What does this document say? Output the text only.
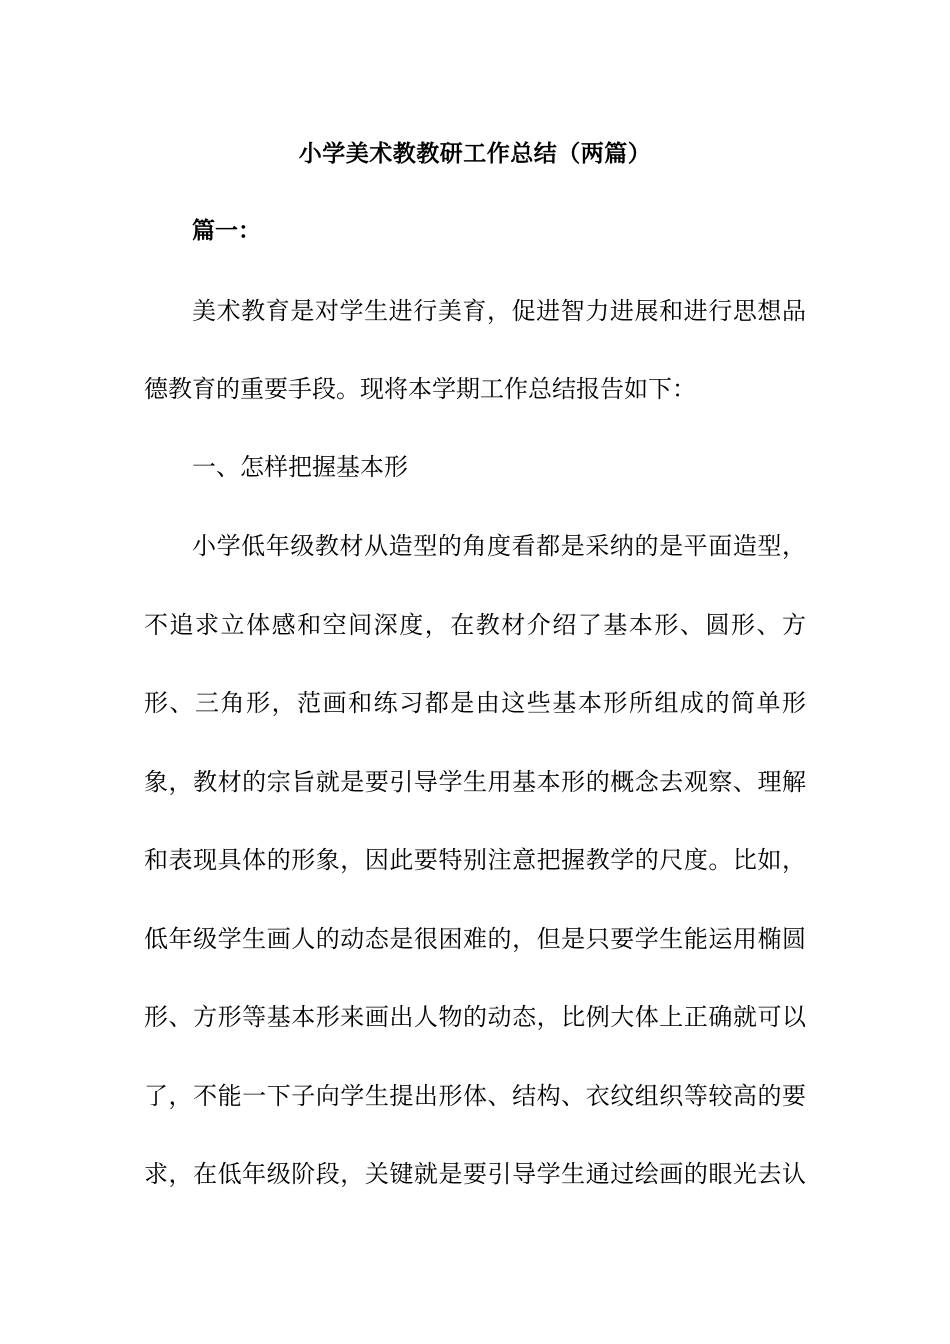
小学美术教教研工作总结（两篇）
篇一：
美术教育是对学生进行美育，促进智力进展和进行思想品
德教育的重要手段。现将本学期工作总结报告如下：
一、怎样把握基本形
小学低年级教材从造型的角度看都是采纳的是平面造型，
不追求立体感和空间深度，在教材介绍了基本形、圆形、方
形、三角形，范画和练习都是由这些基本形所组成的简单形
象，教材的宗旨就是要引导学生用基本形的概念去观察、理解
和表现具体的形象，因此要特别注意把握教学的尺度。比如，
低年级学生画人的动态是很困难的，但是只要学生能运用椭圆
形、方形等基本形来画出人物的动态，比例大体上正确就可以
了，不能一下子向学生提出形体、结构、衣纹组织等较高的要
求，在低年级阶段，关键就是要引导学生通过绘画的眼光去认
